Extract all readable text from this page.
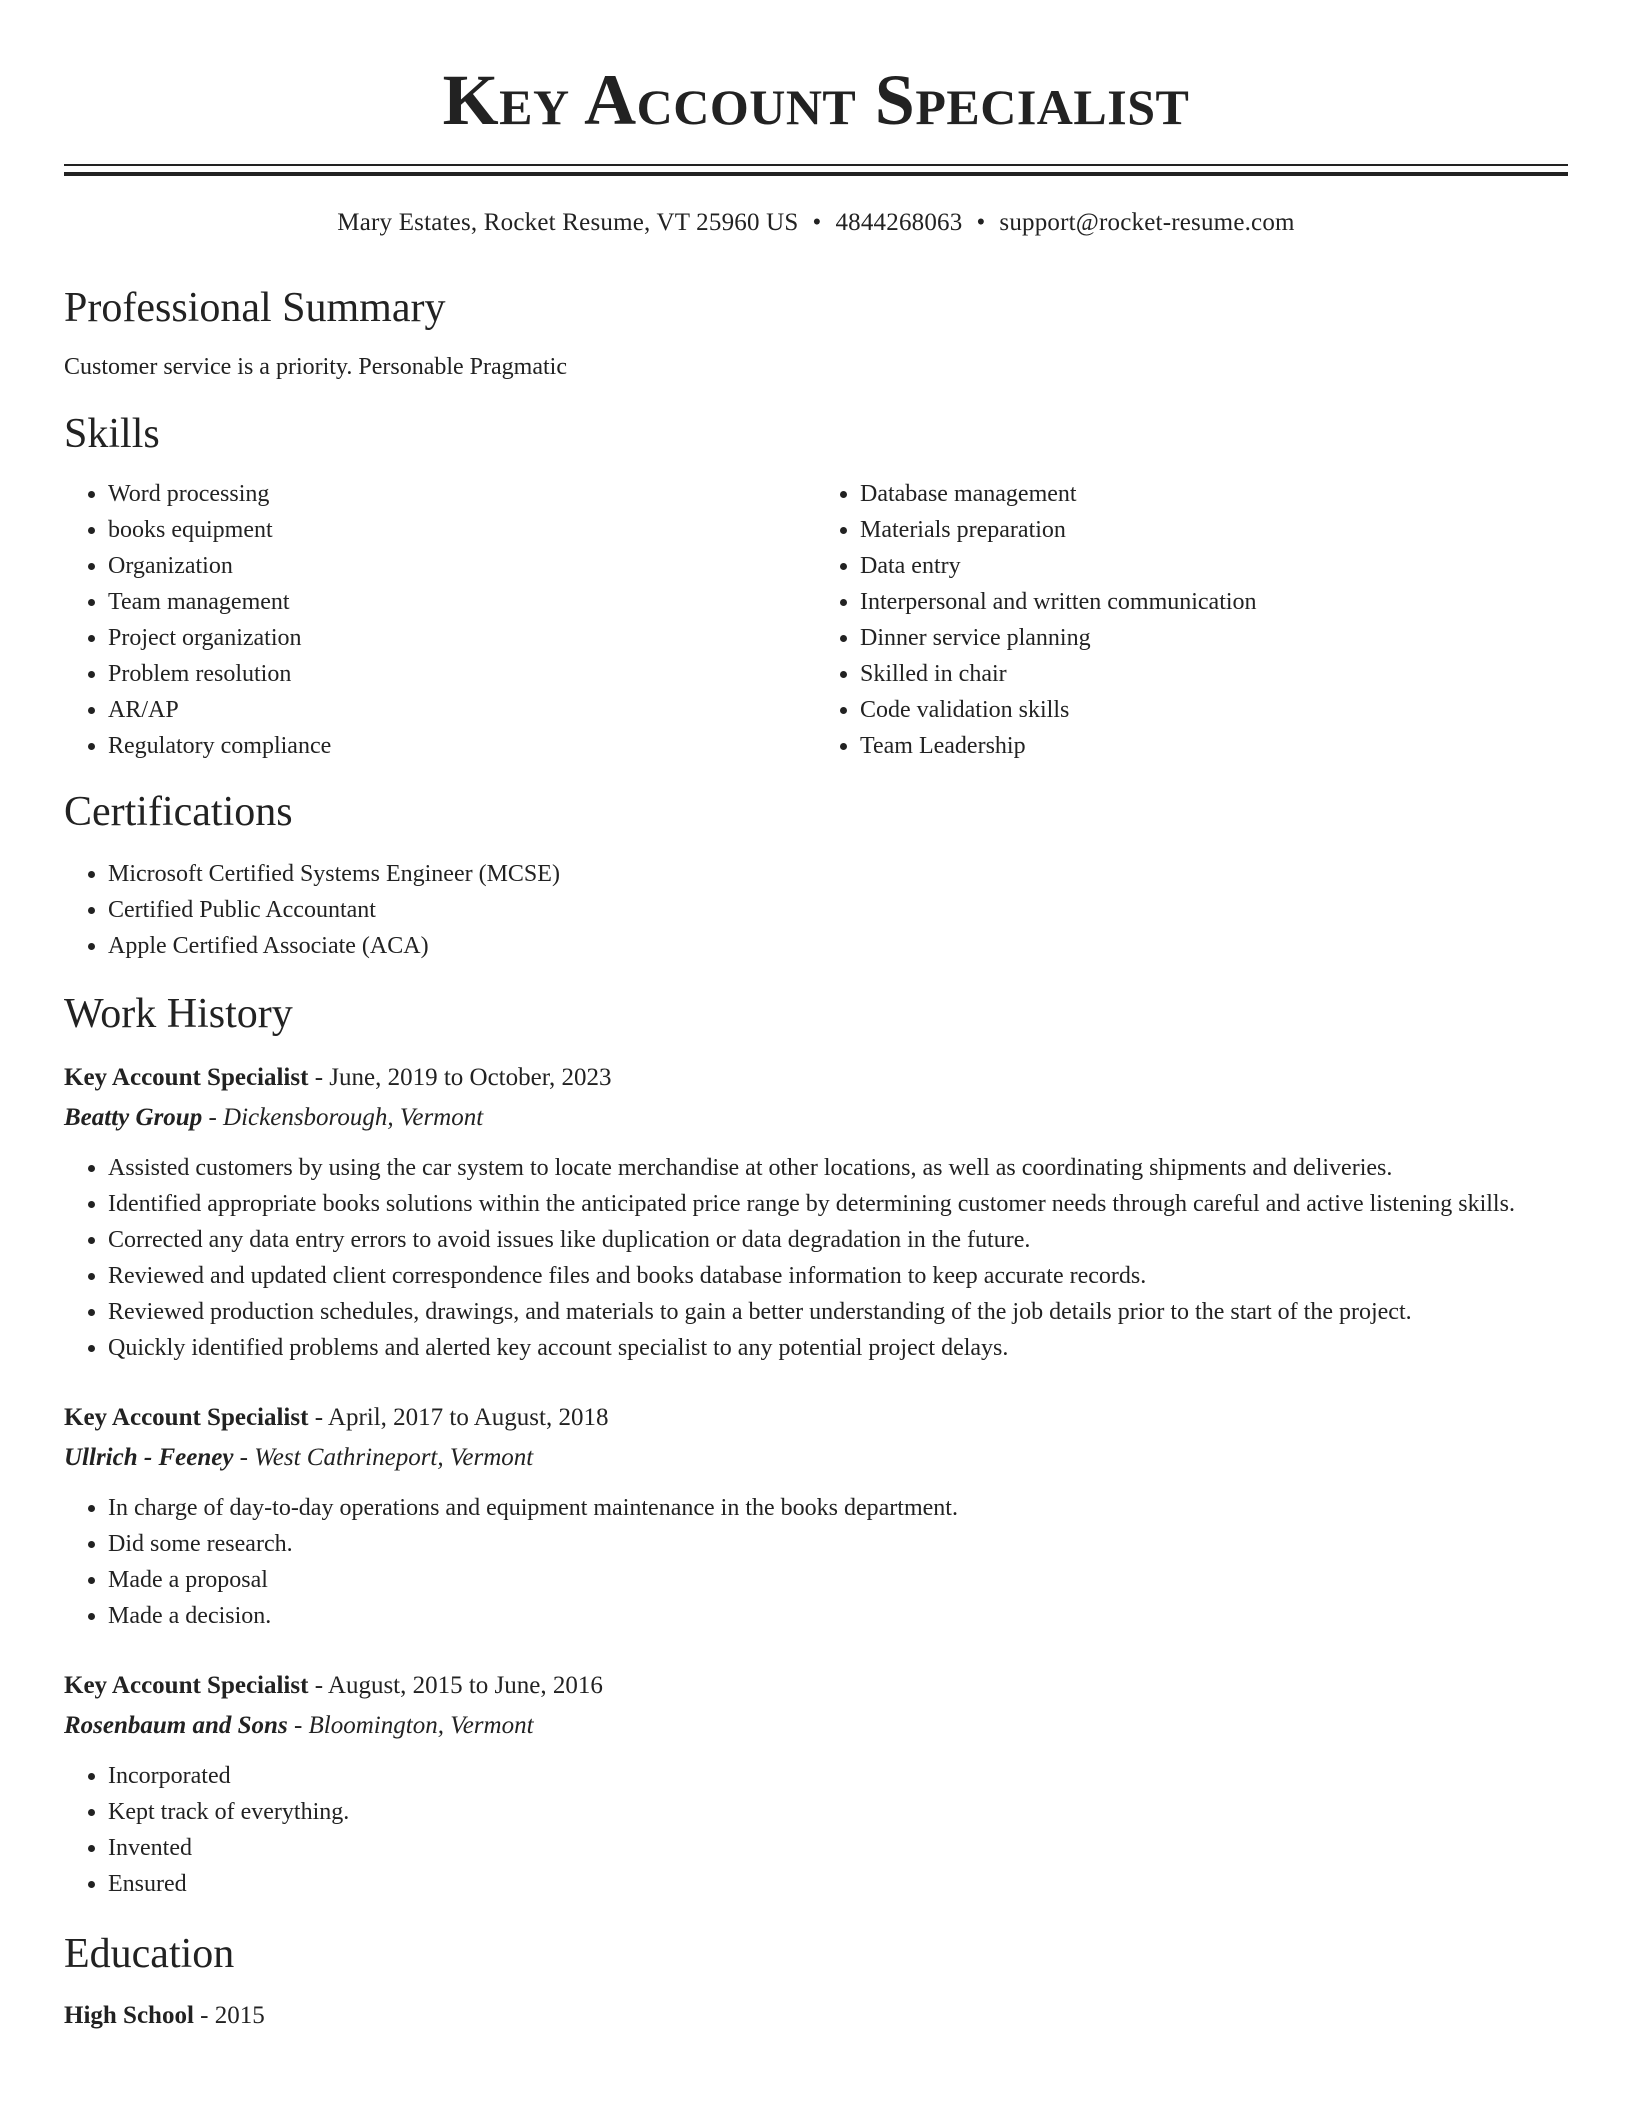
Key Account Specialist
Mary Estates, Rocket Resume, VT 25960 US • 4844268063 • support@rocket-resume.com
Professional Summary
Customer service is a priority. Personable Pragmatic
Skills
• Word processing
• books equipment
• Organization
• Team management
• Project organization
• Problem resolution
• AR/AP
• Regulatory compliance
• Database management
• Materials preparation
• Data entry
• Interpersonal and written communication
• Dinner service planning
• Skilled in chair
• Code validation skills
• Team Leadership
Certifications
• Microsoft Certified Systems Engineer (MCSE)
• Certified Public Accountant
• Apple Certified Associate (ACA)
Work History
Key Account Specialist - June, 2019 to October, 2023
Beatty Group - Dickensborough, Vermont
• Assisted customers by using the car system to locate merchandise at other locations, as well as coordinating shipments and deliveries.
• Identified appropriate books solutions within the anticipated price range by determining customer needs through careful and active listening skills.
• Corrected any data entry errors to avoid issues like duplication or data degradation in the future.
• Reviewed and updated client correspondence files and books database information to keep accurate records.
• Reviewed production schedules, drawings, and materials to gain a better understanding of the job details prior to the start of the project.
• Quickly identified problems and alerted key account specialist to any potential project delays.
Key Account Specialist - April, 2017 to August, 2018
Ullrich - Feeney - West Cathrineport, Vermont
• In charge of day-to-day operations and equipment maintenance in the books department.
• Did some research.
• Made a proposal
• Made a decision.
Key Account Specialist - August, 2015 to June, 2016
Rosenbaum and Sons - Bloomington, Vermont
• Incorporated
• Kept track of everything.
• Invented
• Ensured
Education
High School - 2015
